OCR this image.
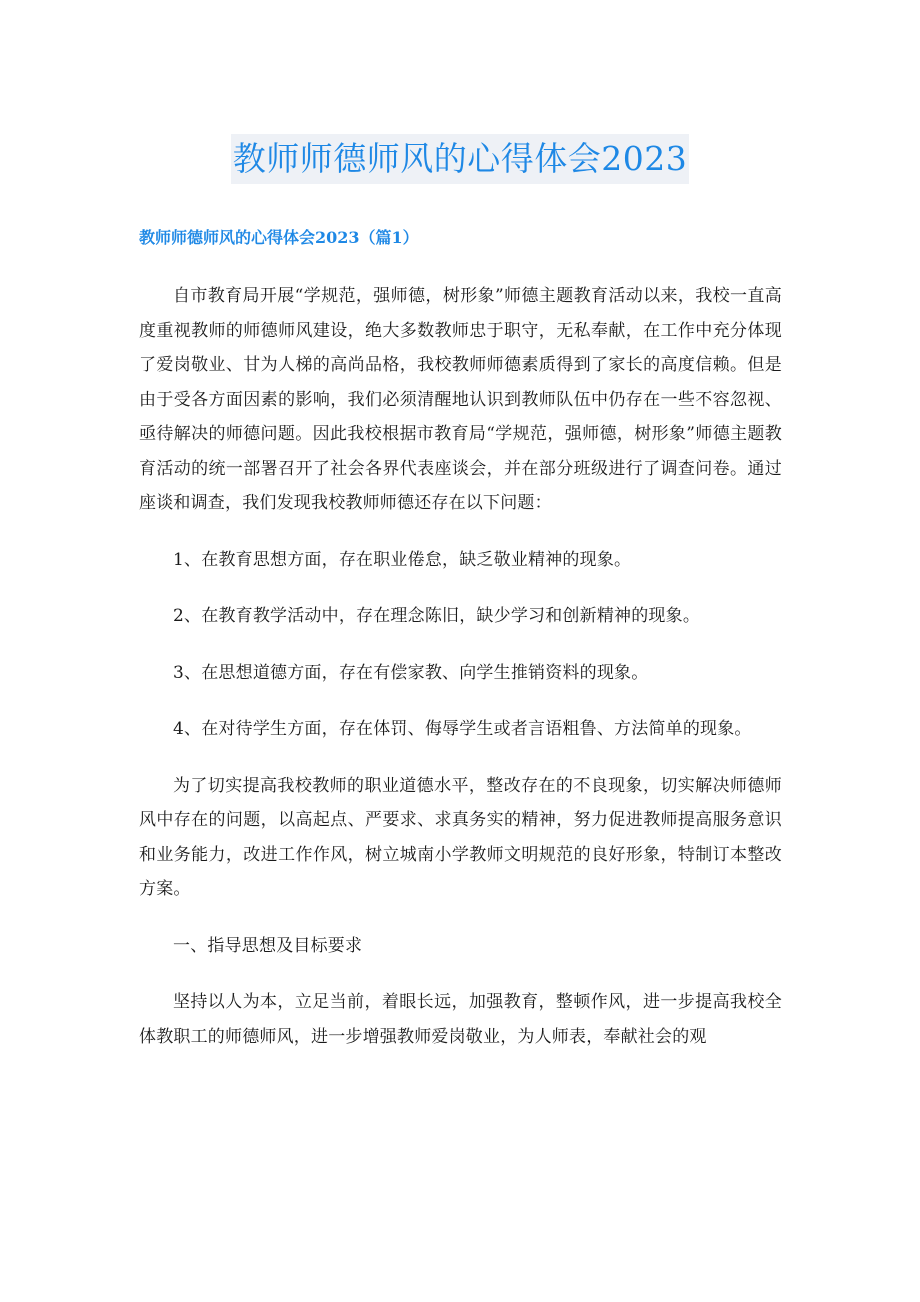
教师师德师风的心得体会2023
教师师德师风的心得体会2023（篇1）

自市教育局开展“学规范，强师德，树形象”师德主题教育活动以来，我校一直高度重视教师的师德师风建设，绝大多数教师忠于职守，无私奉献，在工作中充分体现了爱岗敬业、甘为人梯的高尚品格，我校教师师德素质得到了家长的高度信赖。但是由于受各方面因素的影响，我们必须清醒地认识到教师队伍中仍存在一些不容忽视、亟待解决的师德问题。因此我校根据市教育局“学规范，强师德，树形象”师德主题教育活动的统一部署召开了社会各界代表座谈会，并在部分班级进行了调查问卷。通过座谈和调查，我们发现我校教师师德还存在以下问题：

1、在教育思想方面，存在职业倦怠，缺乏敬业精神的现象。

2、在教育教学活动中，存在理念陈旧，缺少学习和创新精神的现象。

3、在思想道德方面，存在有偿家教、向学生推销资料的现象。

4、在对待学生方面，存在体罚、侮辱学生或者言语粗鲁、方法简单的现象。

为了切实提高我校教师的职业道德水平，整改存在的不良现象，切实解决师德师风中存在的问题，以高起点、严要求、求真务实的精神，努力促进教师提高服务意识和业务能力，改进工作作风，树立城南小学教师文明规范的良好形象，特制订本整改方案。

一、指导思想及目标要求

坚持以人为本，立足当前，着眼长远，加强教育，整顿作风，进一步提高我校全体教职工的师德师风，进一步增强教师爱岗敬业，为人师表，奉献社会的观
